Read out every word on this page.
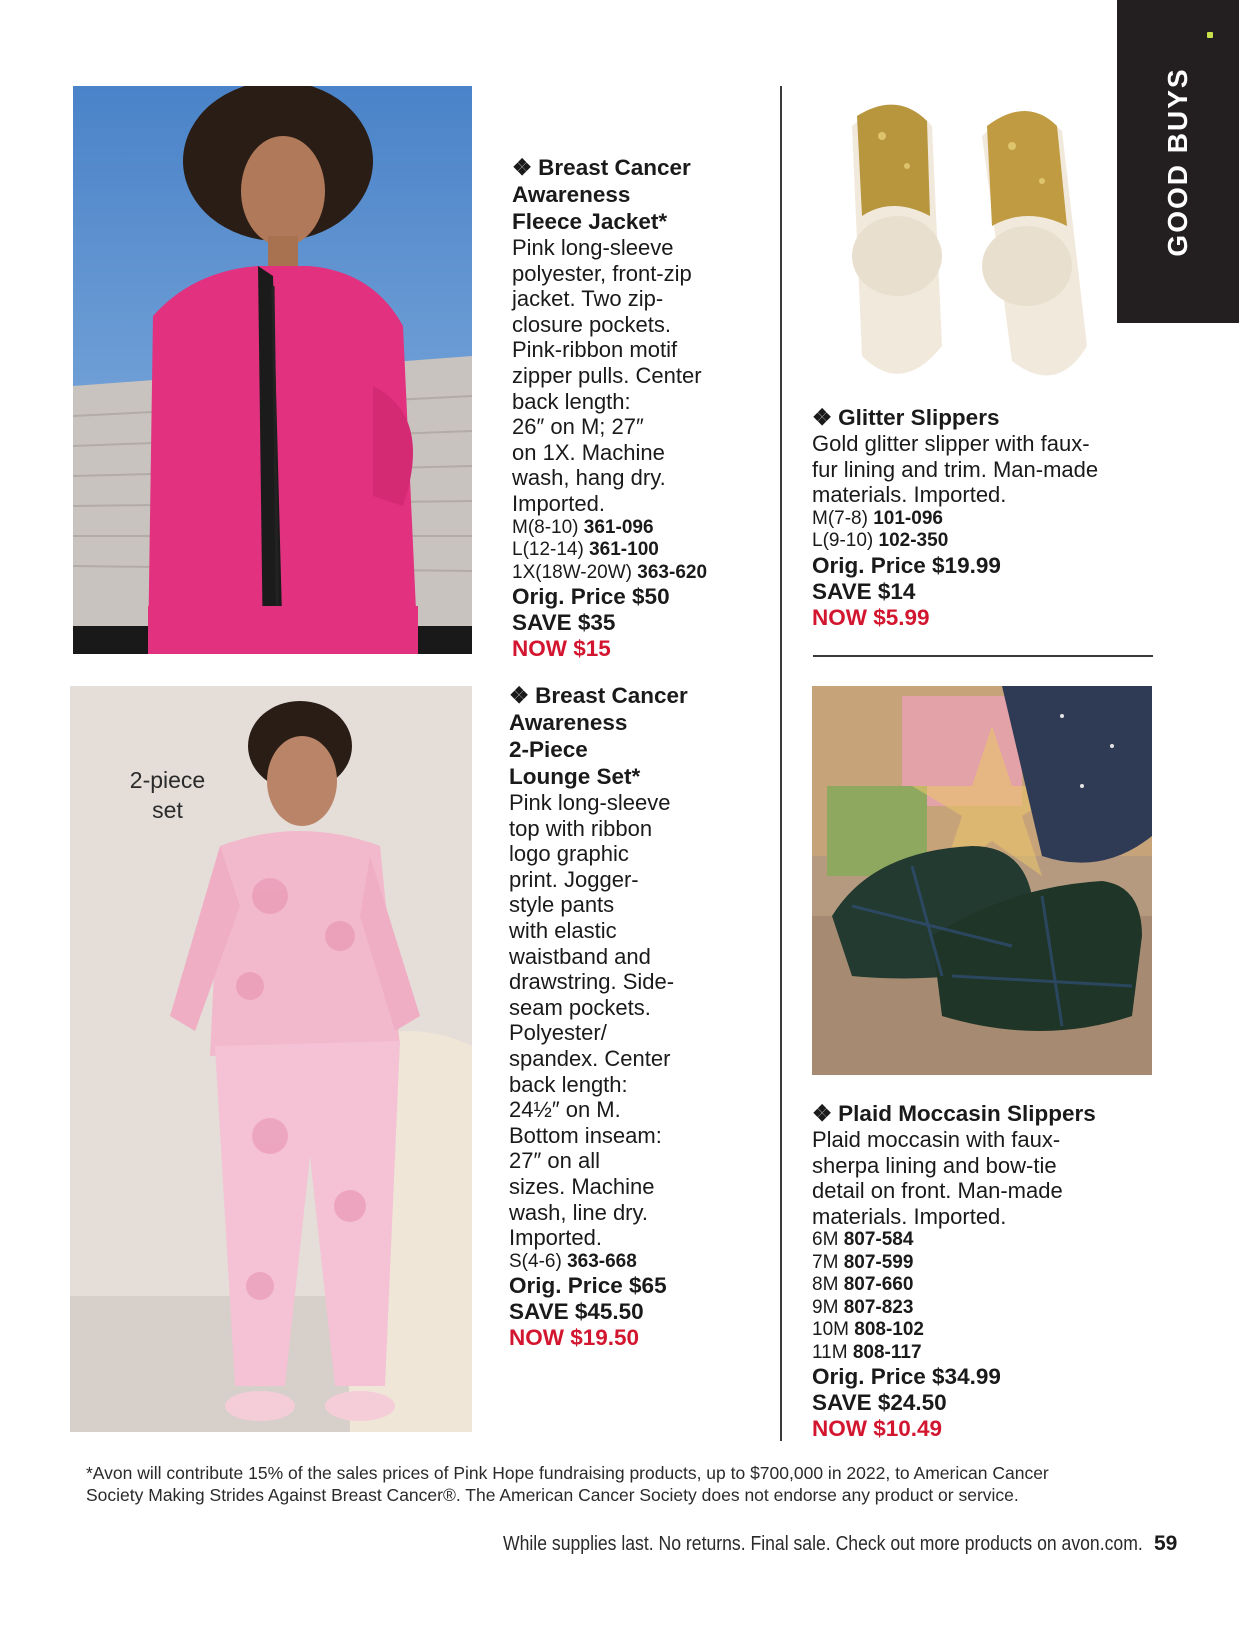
GOOD BUYS
2-piece
set
❖ Breast Cancer
Awareness
Fleece Jacket*
Pink long-sleeve
polyester, front-zip
jacket. Two zip-
closure pockets.
Pink-ribbon motif
zipper pulls. Center
back length:
26″ on M; 27″
on 1X. Machine
wash, hang dry.
Imported.
M(8-10) 361-096
L(12-14) 361-100
1X(18W-20W) 363-620
Orig. Price $50
SAVE $35
NOW $15
❖ Breast Cancer
Awareness
2-Piece
Lounge Set*
Pink long-sleeve
top with ribbon
logo graphic
print. Jogger-
style pants
with elastic
waistband and
drawstring. Side-
seam pockets.
Polyester/
spandex. Center
back length:
24½″ on M.
Bottom inseam:
27″ on all
sizes. Machine
wash, line dry.
Imported.
S(4-6) 363-668
Orig. Price $65
SAVE $45.50
NOW $19.50
❖ Glitter Slippers
Gold glitter slipper with faux-
fur lining and trim. Man-made
materials. Imported.
M(7-8) 101-096
L(9-10) 102-350
Orig. Price $19.99
SAVE $14
NOW $5.99
❖ Plaid Moccasin Slippers
Plaid moccasin with faux-
sherpa lining and bow-tie
detail on front. Man-made
materials. Imported.
6M 807-584
7M 807-599
8M 807-660
9M 807-823
10M 808-102
11M 808-117
Orig. Price $34.99
SAVE $24.50
NOW $10.49
*Avon will contribute 15% of the sales prices of Pink Hope fundraising products, up to $700,000 in 2022, to American Cancer
Society Making Strides Against Breast Cancer®. The American Cancer Society does not endorse any product or service.
While supplies last. No returns. Final sale. Check out more products on avon.com. 59
